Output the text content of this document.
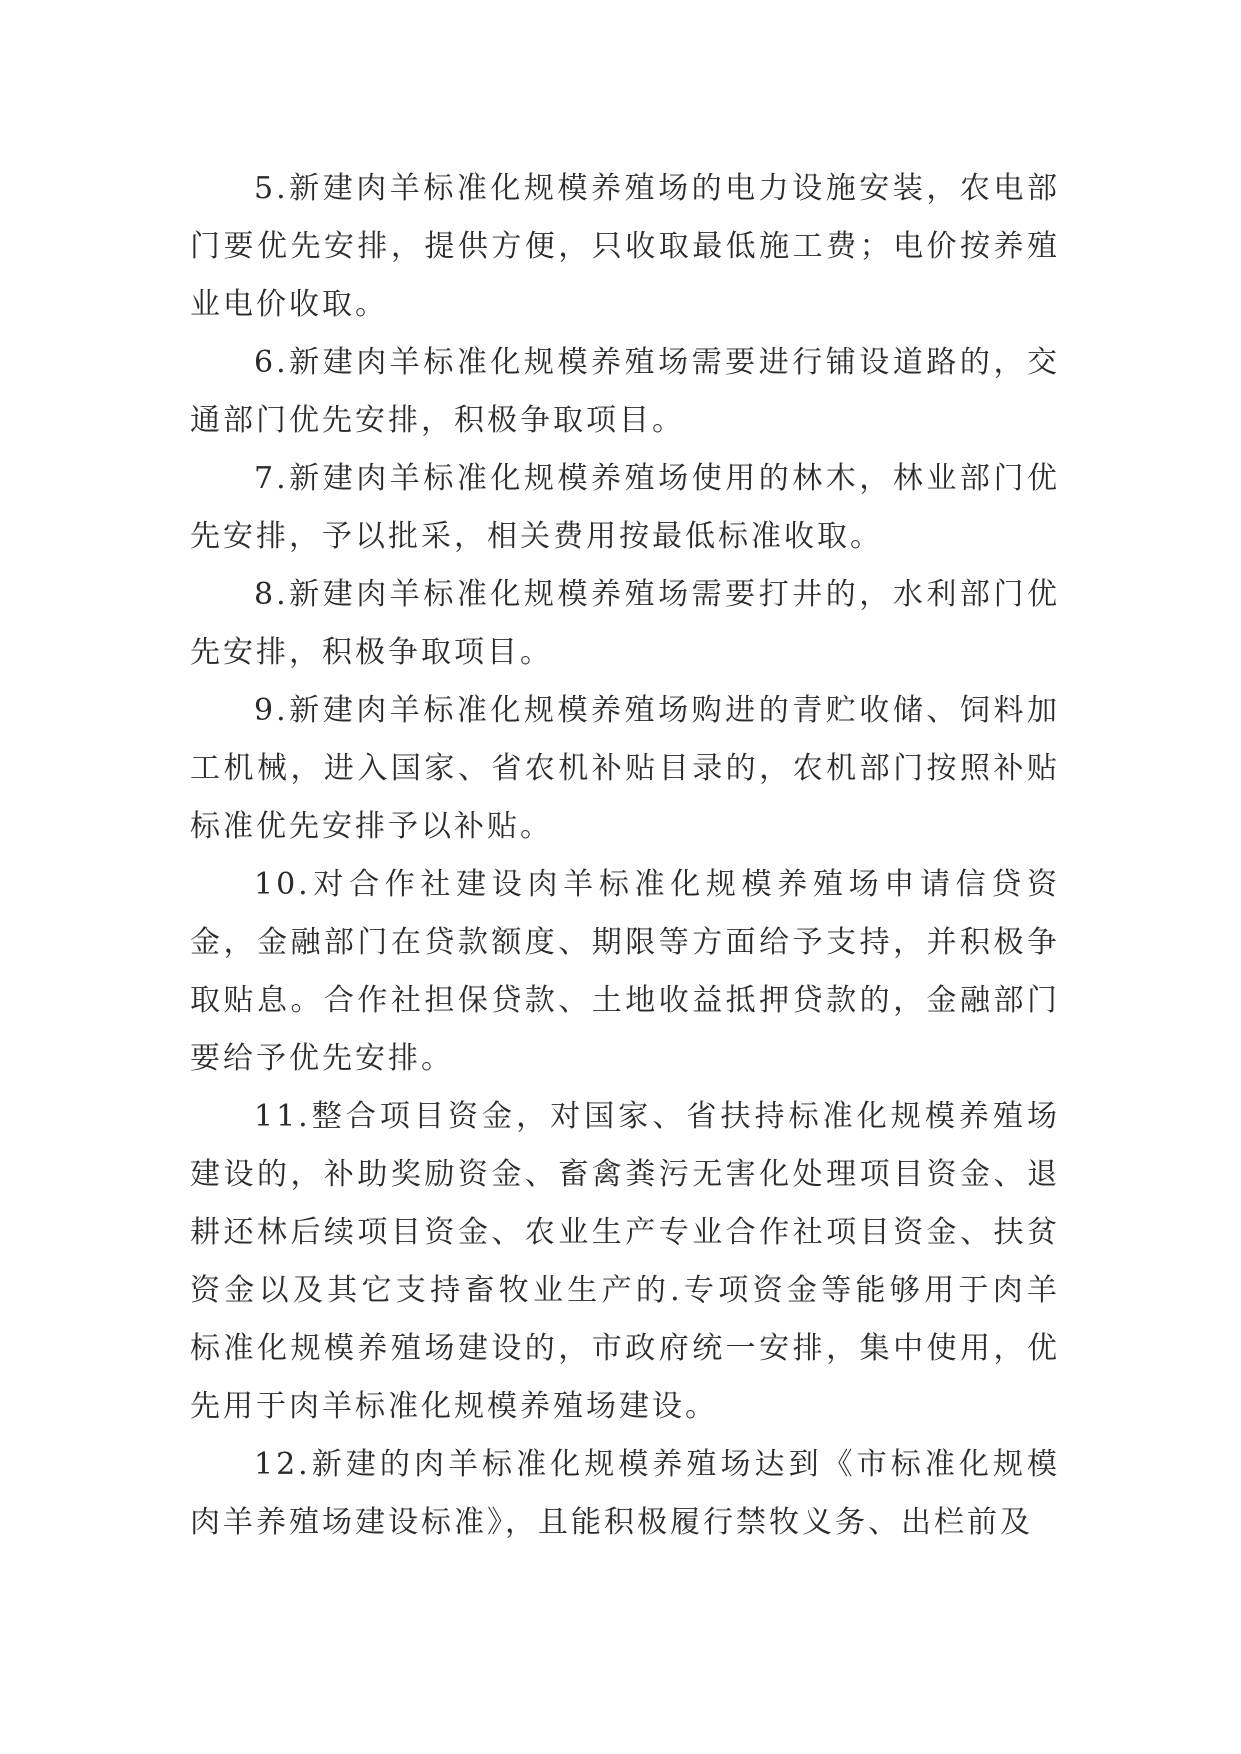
5.新建肉羊标准化规模养殖场的电力设施安装，农电部门要优先安排，提供方便，只收取最低施工费；电价按养殖业电价收取。

6.新建肉羊标准化规模养殖场需要进行铺设道路的，交通部门优先安排，积极争取项目。

7.新建肉羊标准化规模养殖场使用的林木，林业部门优先安排，予以批采，相关费用按最低标准收取。

8.新建肉羊标准化规模养殖场需要打井的，水利部门优先安排，积极争取项目。

9.新建肉羊标准化规模养殖场购进的青贮收储、饲料加工机械，进入国家、省农机补贴目录的，农机部门按照补贴标准优先安排予以补贴。

10.对合作社建设肉羊标准化规模养殖场申请信贷资金，金融部门在贷款额度、期限等方面给予支持，并积极争取贴息。合作社担保贷款、土地收益抵押贷款的，金融部门要给予优先安排。

11.整合项目资金，对国家、省扶持标准化规模养殖场建设的，补助奖励资金、畜禽粪污无害化处理项目资金、退耕还林后续项目资金、农业生产专业合作社项目资金、扶贫资金以及其它支持畜牧业生产的.专项资金等能够用于肉羊标准化规模养殖场建设的，市政府统一安排，集中使用，优先用于肉羊标准化规模养殖场建设。

12.新建的肉羊标准化规模养殖场达到《市标准化规模肉羊养殖场建设标准》，且能积极履行禁牧义务、出栏前及
